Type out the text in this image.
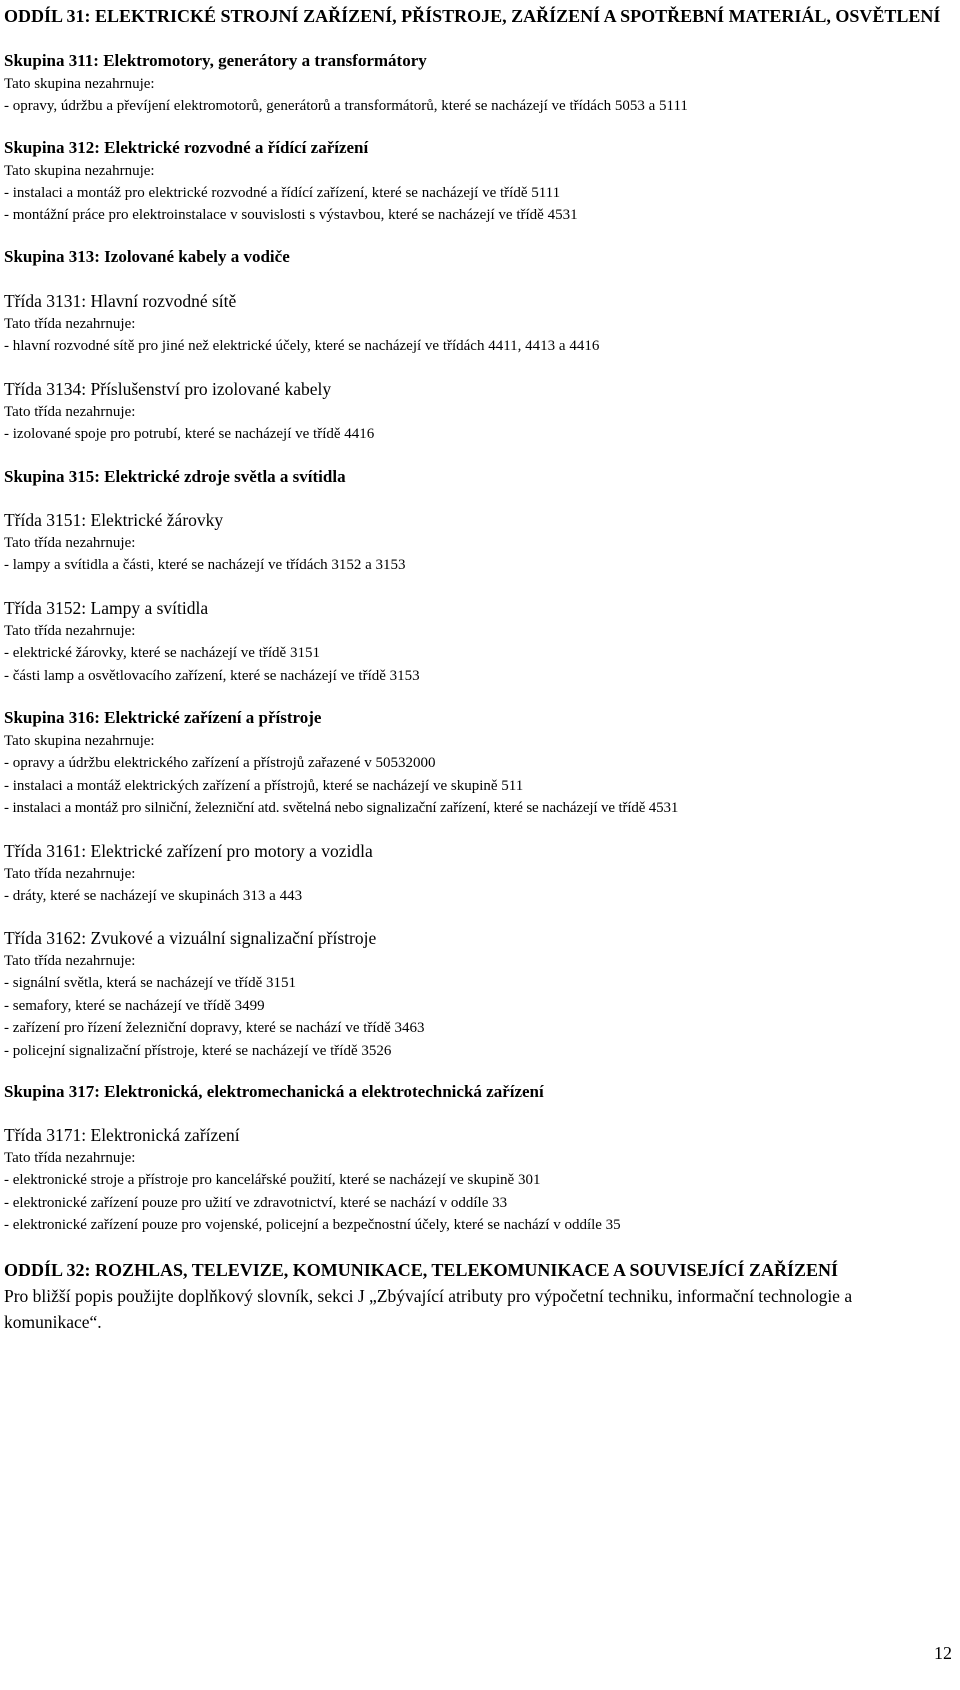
ODDÍL 31: ELEKTRICKÉ STROJNÍ ZAŘÍZENÍ, PŘÍSTROJE, ZAŘÍZENÍ A SPOTŘEBNÍ MATERIÁL, OSVĚTLENÍ

Skupina 311: Elektromotory, generátory a transformátory

Tato skupina nezahrnuje:

- opravy, údržbu a převíjení elektromotorů, generátorů a transformátorů, které se nacházejí ve třídách 5053 a 5111

Skupina 312: Elektrické rozvodné a řídící zařízení

Tato skupina nezahrnuje:

- instalaci a montáž pro elektrické rozvodné a řídící zařízení, které se nacházejí ve třídě 5111

- montážní práce pro elektroinstalace v souvislosti s výstavbou, které se nacházejí ve třídě 4531

Skupina 313: Izolované kabely a vodiče

Třída 3131: Hlavní rozvodné sítě

Tato třída nezahrnuje:

- hlavní rozvodné sítě pro jiné než elektrické účely, které se nacházejí ve třídách 4411, 4413 a 4416

Třída 3134: Příslušenství pro izolované kabely

Tato třída nezahrnuje:

- izolované spoje pro potrubí, které se nacházejí ve třídě 4416

Skupina 315: Elektrické zdroje světla a svítidla

Třída 3151: Elektrické žárovky

Tato třída nezahrnuje:

- lampy a svítidla a části, které se nacházejí ve třídách 3152 a 3153

Třída 3152: Lampy a svítidla

Tato třída nezahrnuje:

- elektrické žárovky, které se nacházejí ve třídě 3151

- části lamp a osvětlovacího zařízení, které se nacházejí ve třídě 3153

Skupina 316: Elektrické zařízení a přístroje

Tato skupina nezahrnuje:

- opravy a údržbu elektrického zařízení a přístrojů zařazené v 50532000

- instalaci a montáž elektrických zařízení a přístrojů, které se nacházejí ve skupině 511

- instalaci a montáž pro silniční, železniční atd. světelná nebo signalizační zařízení, které se nacházejí ve třídě 4531

Třída 3161: Elektrické zařízení pro motory a vozidla

Tato třída nezahrnuje:

- dráty, které se nacházejí ve skupinách 313 a 443

Třída 3162: Zvukové a vizuální signalizační přístroje

Tato třída nezahrnuje:

- signální světla, která se nacházejí ve třídě 3151

- semafory, které se nacházejí ve třídě 3499

- zařízení pro řízení železniční dopravy, které se nachází ve třídě 3463

- policejní signalizační přístroje, které se nacházejí ve třídě 3526

Skupina 317: Elektronická, elektromechanická a elektrotechnická zařízení

Třída 3171: Elektronická zařízení

Tato třída nezahrnuje:

- elektronické stroje a přístroje pro kancelářské použití, které se nacházejí ve skupině 301

- elektronické zařízení pouze pro užití ve zdravotnictví, které se nachází v oddíle 33

- elektronické zařízení pouze pro vojenské, policejní a bezpečnostní účely, které se nachází v oddíle 35

ODDÍL 32: ROZHLAS, TELEVIZE, KOMUNIKACE, TELEKOMUNIKACE A SOUVISEJÍCÍ ZAŘÍZENÍ

Pro bližší popis použijte doplňkový slovník, sekci J „Zbývající atributy pro výpočetní techniku, informační technologie a komunikace“.

12
